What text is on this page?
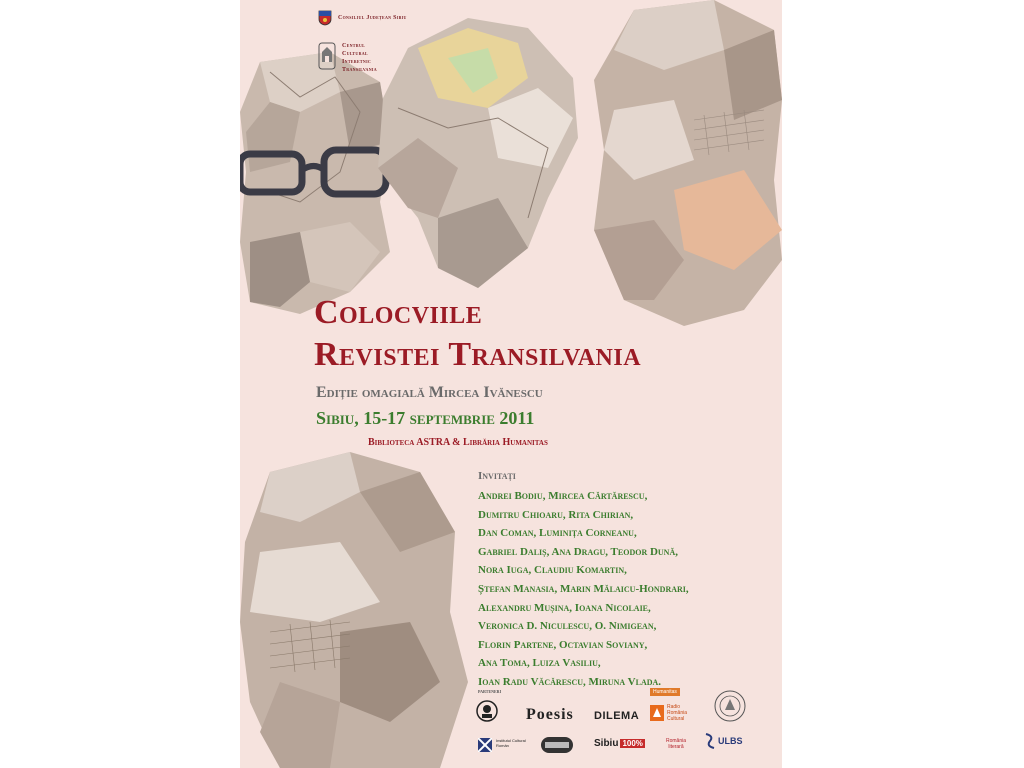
Consiliul Județean Sibiu
Centrul
Cultural
Interetnic
Transilvania
Colocviile
Revistei Transilvania
Ediție omagială Mircea Ivănescu
Sibiu, 15-17 septembrie 2011
Biblioteca ASTRA & Librăria Humanitas
Invitați
Andrei Bodiu, Mircea Cărtărescu,
Dumitru Chioaru, Rita Chirian,
Dan Coman, Luminița Corneanu,
Gabriel Daliș, Ana Dragu, Teodor Dună,
Nora Iuga, Claudiu Komartin,
Ștefan Manasia, Marin Mălaicu-Hondrari,
Alexandru Mușina, Ioana Nicolaie,
Veronica D. Niculescu, O. Nimigean,
Florin Partene, Octavian Soviany,
Ana Toma, Luiza Vasiliu,
Ioan Radu Văcărescu, Miruna Vlada.
parteneri
Poesis DILEMA
Radio România Cultural
Humanitas
Institutul Cultural Român	Sibiu 100%	România literară
ULBS
